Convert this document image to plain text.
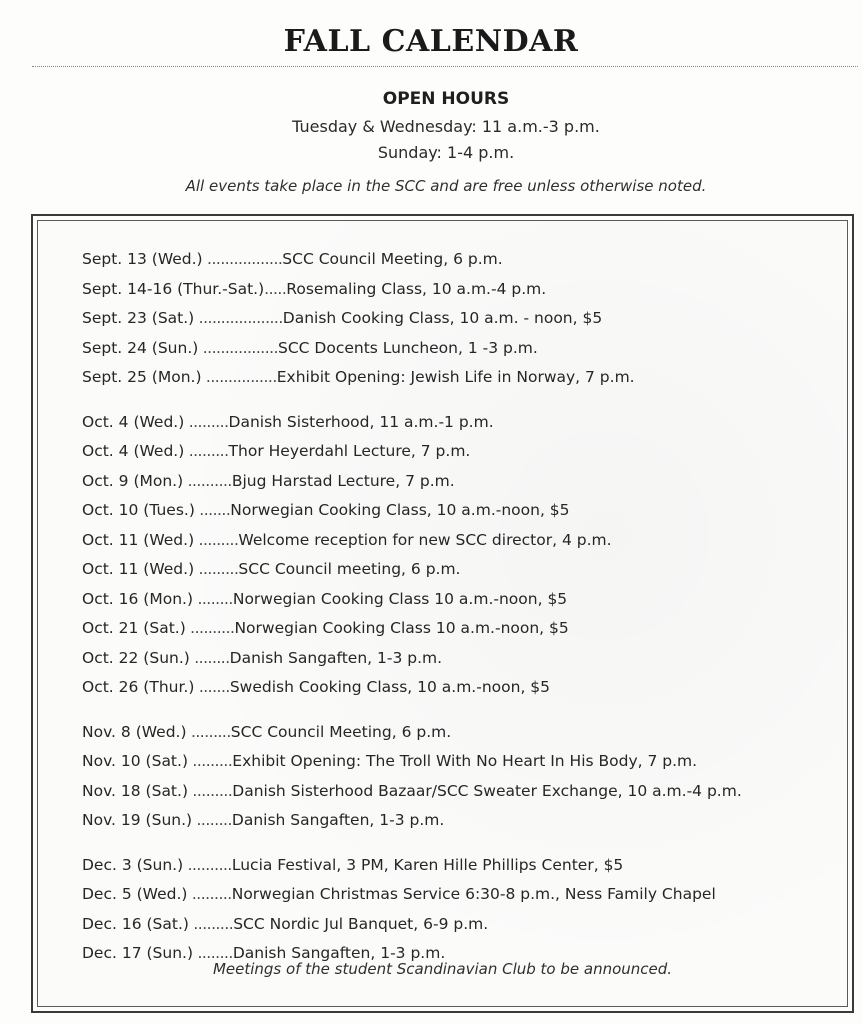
FALL CALENDAR
OPEN HOURS
Tuesday & Wednesday: 11 a.m.-3 p.m.
Sunday: 1-4 p.m.
All events take place in the SCC and are free unless otherwise noted.
Sept. 13 (Wed.) .................SCC Council Meeting, 6 p.m.
Sept. 14-16 (Thur.-Sat.).....Rosemaling Class, 10 a.m.-4 p.m.
Sept. 23 (Sat.) ...................Danish Cooking Class, 10 a.m. - noon, $5
Sept. 24 (Sun.) .................SCC Docents Luncheon, 1 -3 p.m.
Sept. 25 (Mon.) ................Exhibit Opening: Jewish Life in Norway, 7 p.m.
Oct. 4 (Wed.) .........Danish Sisterhood, 11 a.m.-1 p.m.
Oct. 4 (Wed.) .........Thor Heyerdahl Lecture, 7 p.m.
Oct. 9 (Mon.) ..........Bjug Harstad Lecture, 7 p.m.
Oct. 10 (Tues.) .......Norwegian Cooking Class, 10 a.m.-noon, $5
Oct. 11 (Wed.) .........Welcome reception for new SCC director, 4 p.m.
Oct. 11 (Wed.) .........SCC Council meeting, 6 p.m.
Oct. 16 (Mon.) ........Norwegian Cooking Class 10 a.m.-noon, $5
Oct. 21 (Sat.) ..........Norwegian Cooking Class 10 a.m.-noon, $5
Oct. 22 (Sun.) ........Danish Sangaften, 1-3 p.m.
Oct. 26 (Thur.) .......Swedish Cooking Class, 10 a.m.-noon, $5
Nov. 8 (Wed.) .........SCC Council Meeting, 6 p.m.
Nov. 10 (Sat.) .........Exhibit Opening: The Troll With No Heart In His Body, 7 p.m.
Nov. 18 (Sat.) .........Danish Sisterhood Bazaar/SCC Sweater Exchange, 10 a.m.-4 p.m.
Nov. 19 (Sun.) ........Danish Sangaften, 1-3 p.m.
Dec. 3 (Sun.) ..........Lucia Festival, 3 PM, Karen Hille Phillips Center, $5
Dec. 5 (Wed.) .........Norwegian Christmas Service 6:30-8 p.m., Ness Family Chapel
Dec. 16 (Sat.) .........SCC Nordic Jul Banquet, 6-9 p.m.
Dec. 17 (Sun.) ........Danish Sangaften, 1-3 p.m.
Meetings of the student Scandinavian Club to be announced.
